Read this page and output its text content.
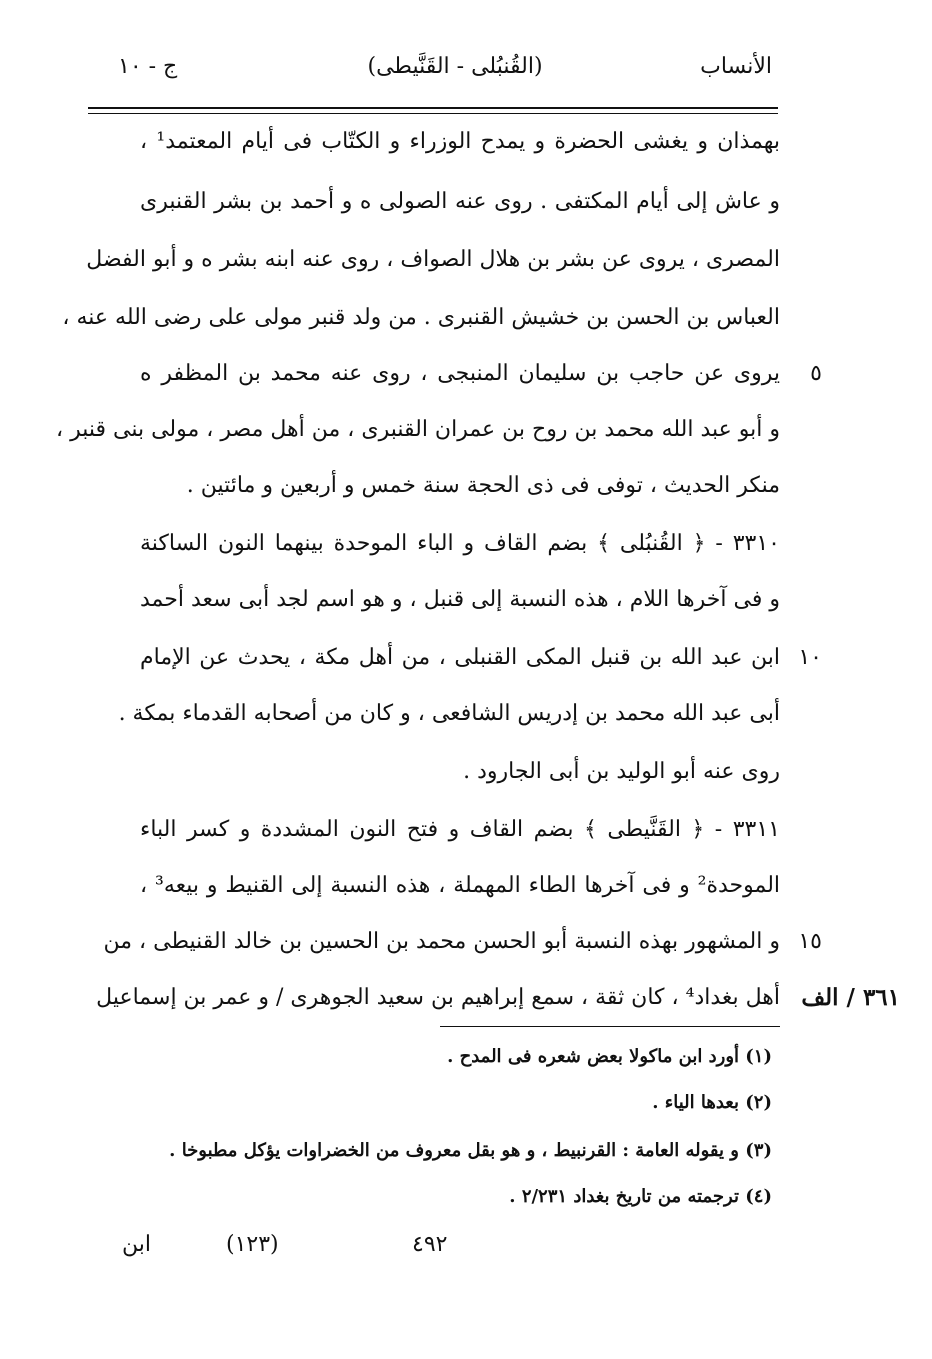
الأنساب
(القُنبُلی - القَنَّيطی)
ج - ١٠
بهمذان و يغشى الحضرة و يمدح الوزراء و الكتّاب فى أيام المعتمد¹ ،
و عاش إلى أيام المكتفى . روى عنه الصولى ه و أحمد بن بشر القنبرى
المصرى ، يروى عن بشر بن هلال الصواف ، روى عنه ابنه بشر ه و أبو الفضل
العباس بن الحسن بن خشيش القنبرى . من ولد قنبر مولى على رضى الله عنه ،
يروى عن حاجب بن سليمان المنبجى ، روى عنه محمد بن المظفر ه	٥
و أبو عبد الله محمد بن روح بن عمران القنبرى ، من أهل مصر ، مولى بنى قنبر ،
منكر الحديث ، توفى فى ذى الحجة سنة خمس و أربعين و مائتين .
٣٣١٠ - ﴿ القُنبُلی ﴾ بضم القاف و الباء الموحدة بينهما النون الساكنة
و فى آخرها اللام ، هذه النسبة إلى قنبل ، و هو اسم لجد أبى سعد أحمد
ابن عبد الله بن قنبل المكى القنبلى ، من أهل مكة ، يحدث عن الإمام ١٠
أبى عبد الله محمد بن إدريس الشافعى ، و كان من أصحابه القدماء بمكة .
روى عنه أبو الوليد بن أبى الجارود .
٣٣١١ - ﴿ القَنَّيطی ﴾ بضم القاف و فتح النون المشددة و كسر الباء
الموحدة² و فى آخرها الطاء المهملة ، هذه النسبة إلى القنيط و بيعه³ ،
و المشهور بهذه النسبة أبو الحسن محمد بن الحسين بن خالد القنيطى ، من ١٥
أهل بغداد⁴ ، كان ثقة ، سمع إبراهيم بن سعيد الجوهرى / و عمر بن إسماعيل ٣٦١ / الف
(١) أورد ابن ماكولا بعض شعره فى المدح .
(٢) بعدها الياء .
(٣) و يقوله العامة : القرنبيط ، و هو بقل معروف من الخضراوات يؤكل مطبوخا .
(٤) ترجمته من تاريخ بغداد ٢/٢٣١ .
٤٩٢
(١٢٣)
ابن
